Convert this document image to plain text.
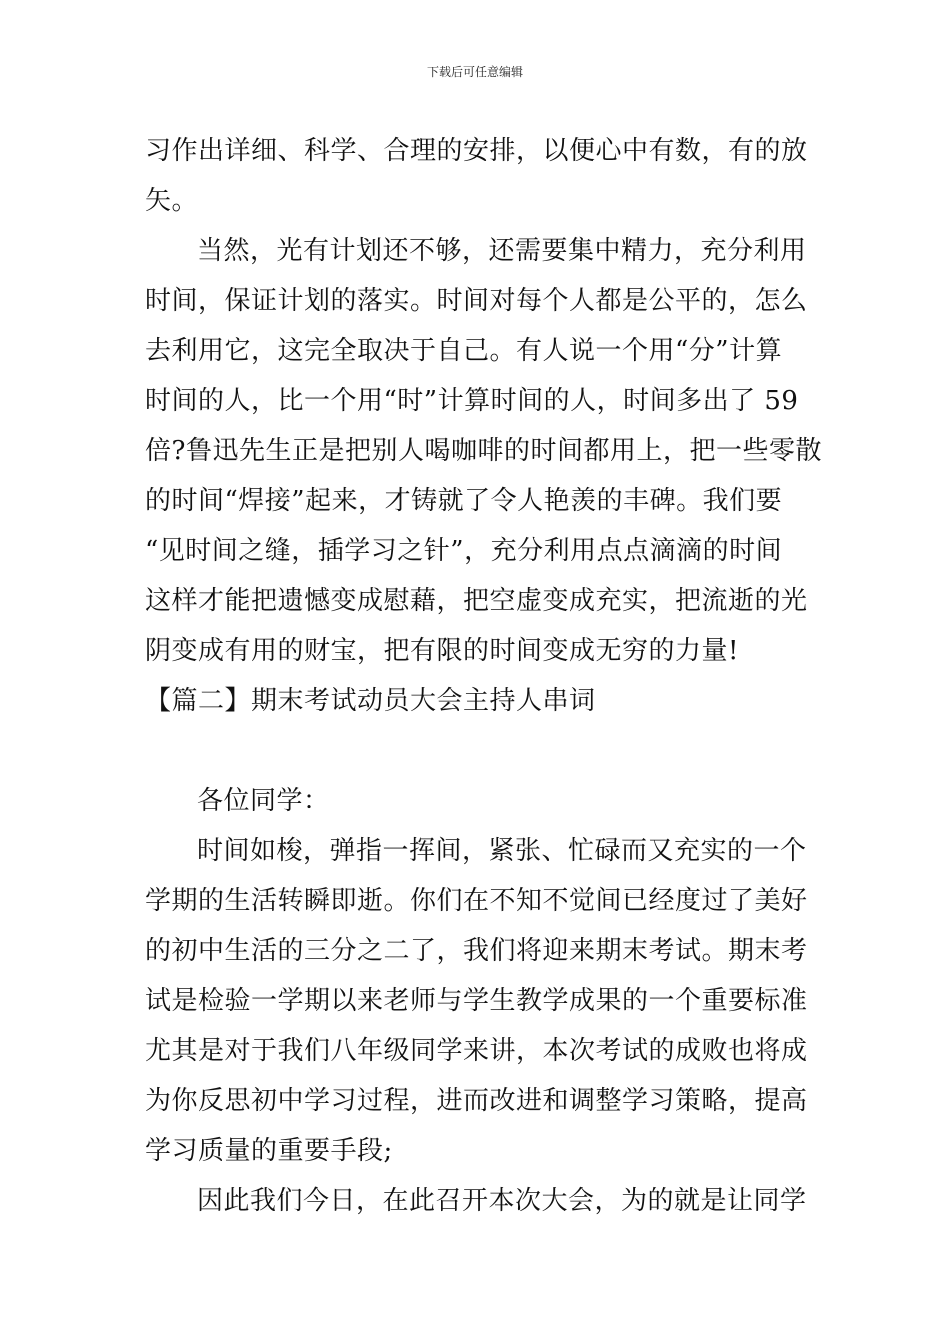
下载后可任意编辑
习作出详细、科学、合理的安排，以便心中有数，有的放
矢。
当然，光有计划还不够，还需要集中精力，充分利用
时间，保证计划的落实。时间对每个人都是公平的，怎么
去利用它，这完全取决于自己。有人说一个用“分”计算
时间的人，比一个用“时”计算时间的人，时间多出了 59
倍?鲁迅先生正是把别人喝咖啡的时间都用上，把一些零散
的时间“焊接”起来，才铸就了令人艳羡的丰碑。我们要
“见时间之缝，插学习之针”，充分利用点点滴滴的时间
这样才能把遗憾变成慰藉，把空虚变成充实，把流逝的光
阴变成有用的财宝，把有限的时间变成无穷的力量!
【篇二】期末考试动员大会主持人串词
各位同学：
时间如梭，弹指一挥间，紧张、忙碌而又充实的一个
学期的生活转瞬即逝。你们在不知不觉间已经度过了美好
的初中生活的三分之二了，我们将迎来期末考试。期末考
试是检验一学期以来老师与学生教学成果的一个重要标准
尤其是对于我们八年级同学来讲，本次考试的成败也将成
为你反思初中学习过程，进而改进和调整学习策略，提高
学习质量的重要手段;
因此我们今日，在此召开本次大会，为的就是让同学
